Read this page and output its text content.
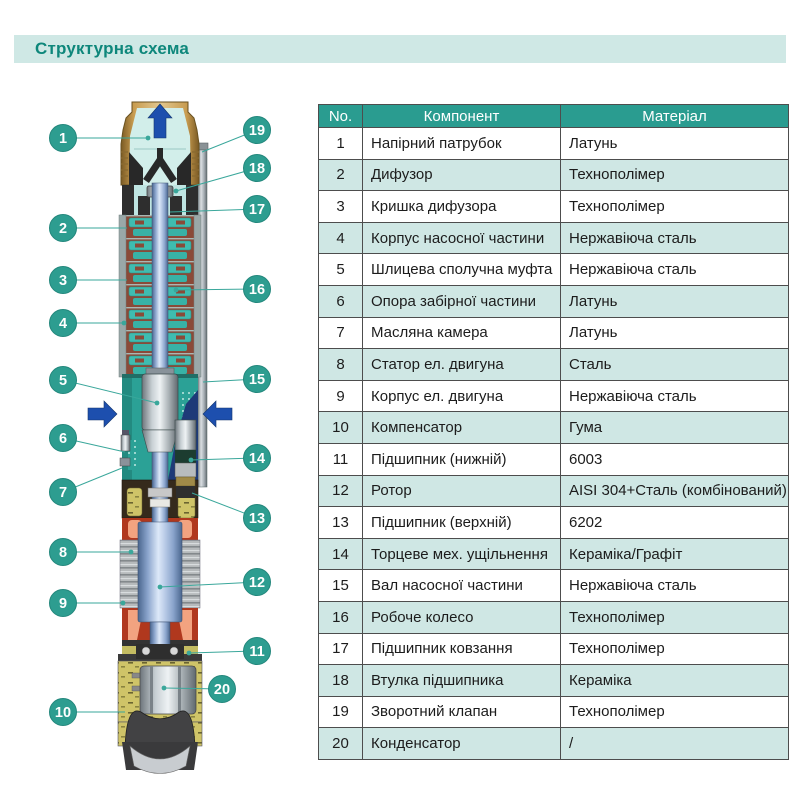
Структурна схема
1
2
3
4
5
6
7
8
9
10
11
12
13
14
15
16
17
18
19
20
No.	Компонент	Матеріал
1	Напірний патрубок	Латунь
2	Дифузор	Технополімер
3	Кришка дифузора	Технополімер
4	Корпус насосної частини	Нержавіюча сталь
5	Шлицева сполучна муфта	Нержавіюча сталь
6	Опора забірної частини	Латунь
7	Масляна камера	Латунь
8	Статор ел. двигуна	Сталь
9	Корпус ел. двигуна	Нержавіюча сталь
10	Компенсатор	Гума
11	Підшипник (нижній)	6003
12	Ротор	AISI 304+Сталь (комбінований)
13	Підшипник (верхній)	6202
14	Торцеве мех. ущільнення	Кераміка/Графіт
15	Вал насосної частини	Нержавіюча сталь
16	Робоче колесо	Технополімер
17	Підшипник ковзання	Технополімер
18	Втулка підшипника	Кераміка
19	Зворотний клапан	Технополімер
20	Конденсатор	/
